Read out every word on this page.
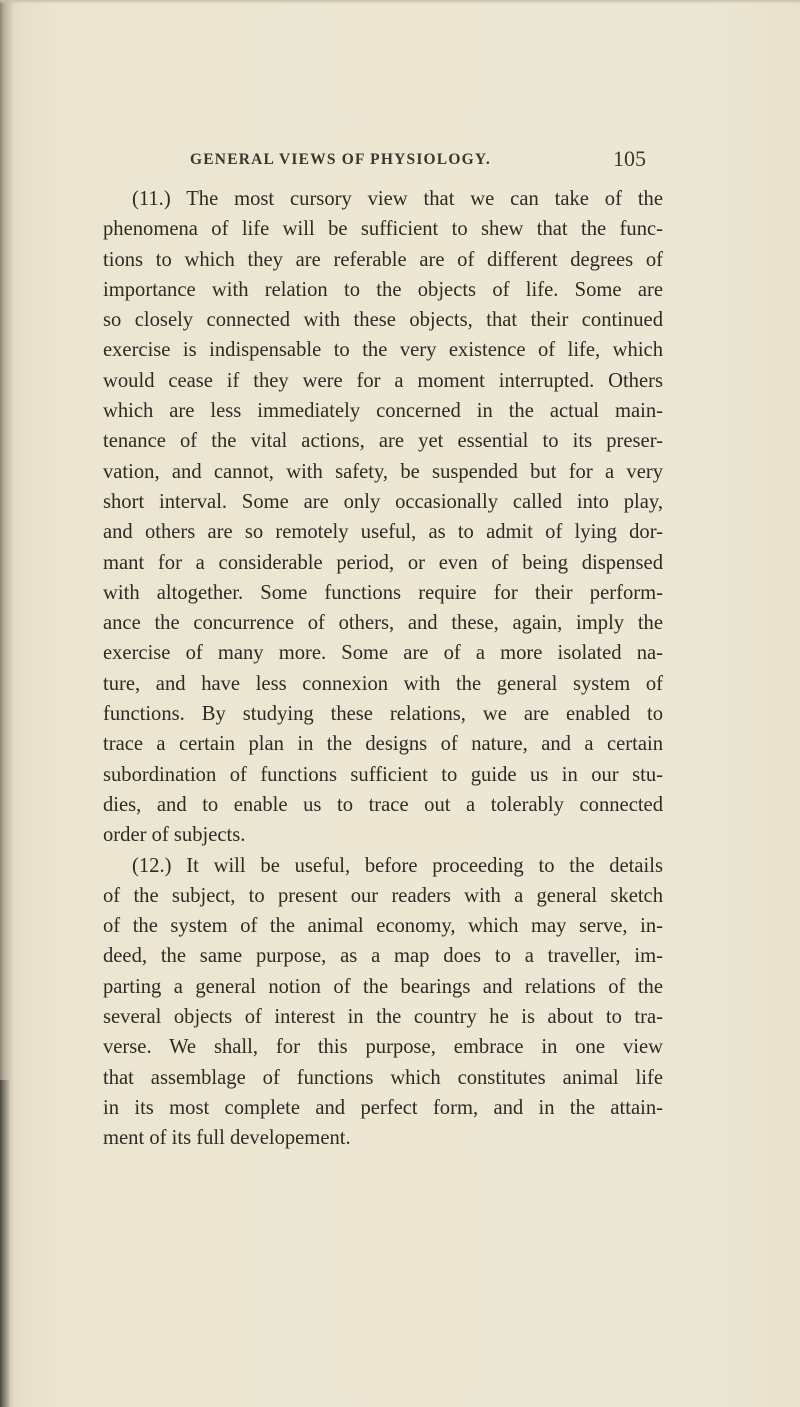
GENERAL VIEWS OF PHYSIOLOGY.	105
(11.) The most cursory view that we can take of the
phenomena of life will be sufficient to shew that the func-
tions to which they are referable are of different degrees of
importance with relation to the objects of life. Some are
so closely connected with these objects, that their continued
exercise is indispensable to the very existence of life, which
would cease if they were for a moment interrupted. Others
which are less immediately concerned in the actual main-
tenance of the vital actions, are yet essential to its preser-
vation, and cannot, with safety, be suspended but for a very
short interval. Some are only occasionally called into play,
and others are so remotely useful, as to admit of lying dor-
mant for a considerable period, or even of being dispensed
with altogether. Some functions require for their perform-
ance the concurrence of others, and these, again, imply the
exercise of many more. Some are of a more isolated na-
ture, and have less connexion with the general system of
functions. By studying these relations, we are enabled to
trace a certain plan in the designs of nature, and a certain
subordination of functions sufficient to guide us in our stu-
dies, and to enable us to trace out a tolerably connected
order of subjects.
(12.) It will be useful, before proceeding to the details
of the subject, to present our readers with a general sketch
of the system of the animal economy, which may serve, in-
deed, the same purpose, as a map does to a traveller, im-
parting a general notion of the bearings and relations of the
several objects of interest in the country he is about to tra-
verse. We shall, for this purpose, embrace in one view
that assemblage of functions which constitutes animal life
in its most complete and perfect form, and in the attain-
ment of its full developement.
